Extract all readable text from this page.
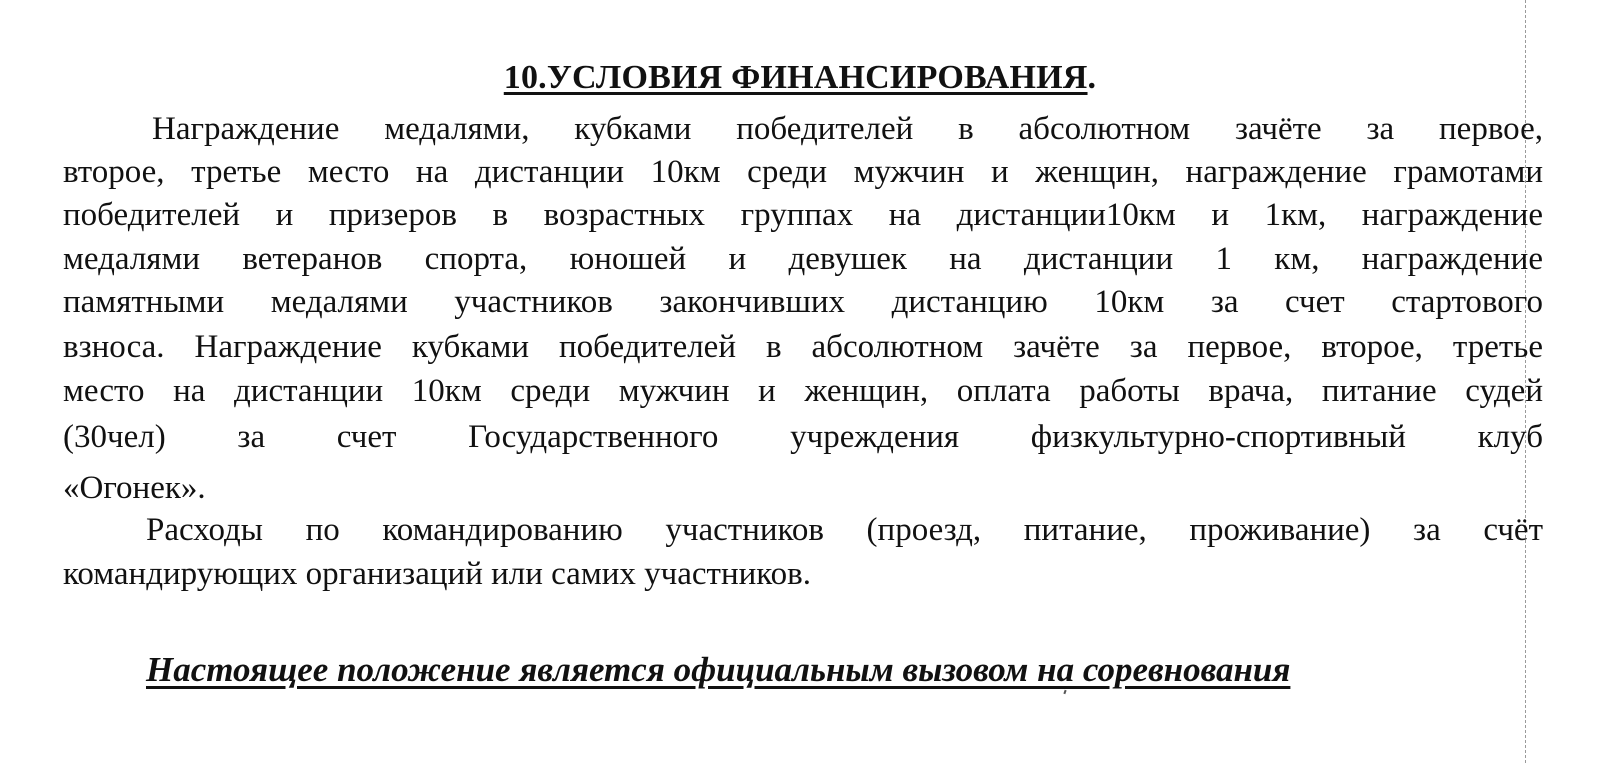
10.УСЛОВИЯ ФИНАНСИРОВАНИЯ.
Награждение медалями, кубками победителей в абсолютном зачёте за первое,
второе, третье место на дистанции 10км среди мужчин и женщин, награждение грамотами
победителей и призеров в возрастных группах на дистанции10км и 1км, награждение
медалями ветеранов спорта, юношей и девушек на дистанции 1 км, награждение
памятными медалями участников закончивших дистанцию 10км за счет стартового
взноса. Награждение кубками победителей в абсолютном зачёте за первое, второе, третье
место на дистанции 10км среди мужчин и женщин, оплата работы врача, питание судей
(30чел) за счет Государственного учреждения физкультурно-спортивный клуб
«Огонек».
Расходы по командированию участников (проезд, питание, проживание) за счёт
командирующих организаций или самих участников.
Настоящее положение является официальным вызовом на соревнования
